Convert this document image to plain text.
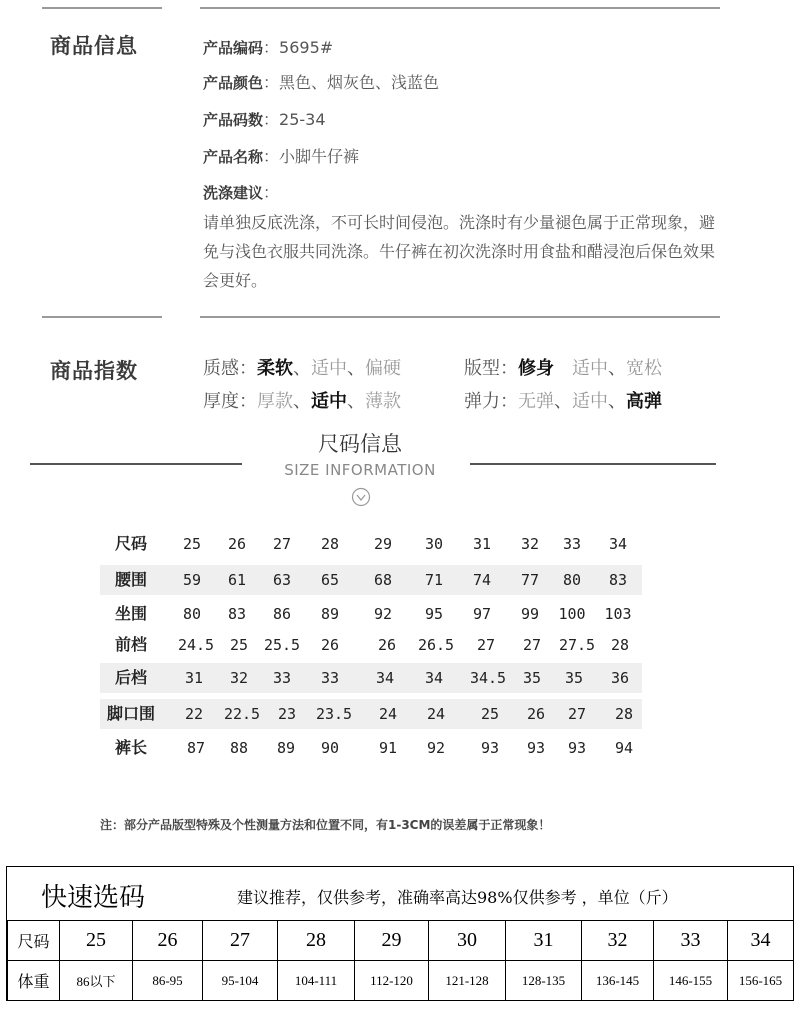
商品信息	产品编码：5695#
产品颜色：黑色、烟灰色、浅蓝色
产品码数：25-34
产品名称：小脚牛仔裤
洗涤建议：
请单独反底洗涤，不可长时间侵泡。洗涤时有少量褪色属于正常现象，避免与浅色衣服共同洗涤。牛仔裤在初次洗涤时用食盐和醋浸泡后保色效果会更好。
商品指数	质感：柔软、适中、偏硬	版型：修身　 适中、宽松
厚度：厚款、适中、薄款	弹力：无弹、适中、高弹
尺码信息
SIZE INFORMATION
尺码	25	26	27	28	29	30	31	32	33	34
腰围	59	61	63	65	68	71	74	77	80	83
坐围	80	83	86	89	92	95	97	99	100	103
前档	24.5	25	25.5	26	26	26.5	27	27	27.5	28
后档	31	32	33	33	34	34	34.5	35	35	36
脚口围	22	22.5	23	23.5	24	24	25	26	27	28
裤长	87	88	89	90	91	92	93	93	93	94
注：部分产品版型特殊及个性测量方法和位置不同，有1-3CM的误差属于正常现象！
快速选码	建议推荐，仅供参考，准确率高达98%仅供参考 ，单位（斤）
尺码	25	26	27	28	29	30	31	32	33	34
体重	86以下	86-95	95-104	104-111	112-120	121-128	128-135	136-145	146-155	156-165
